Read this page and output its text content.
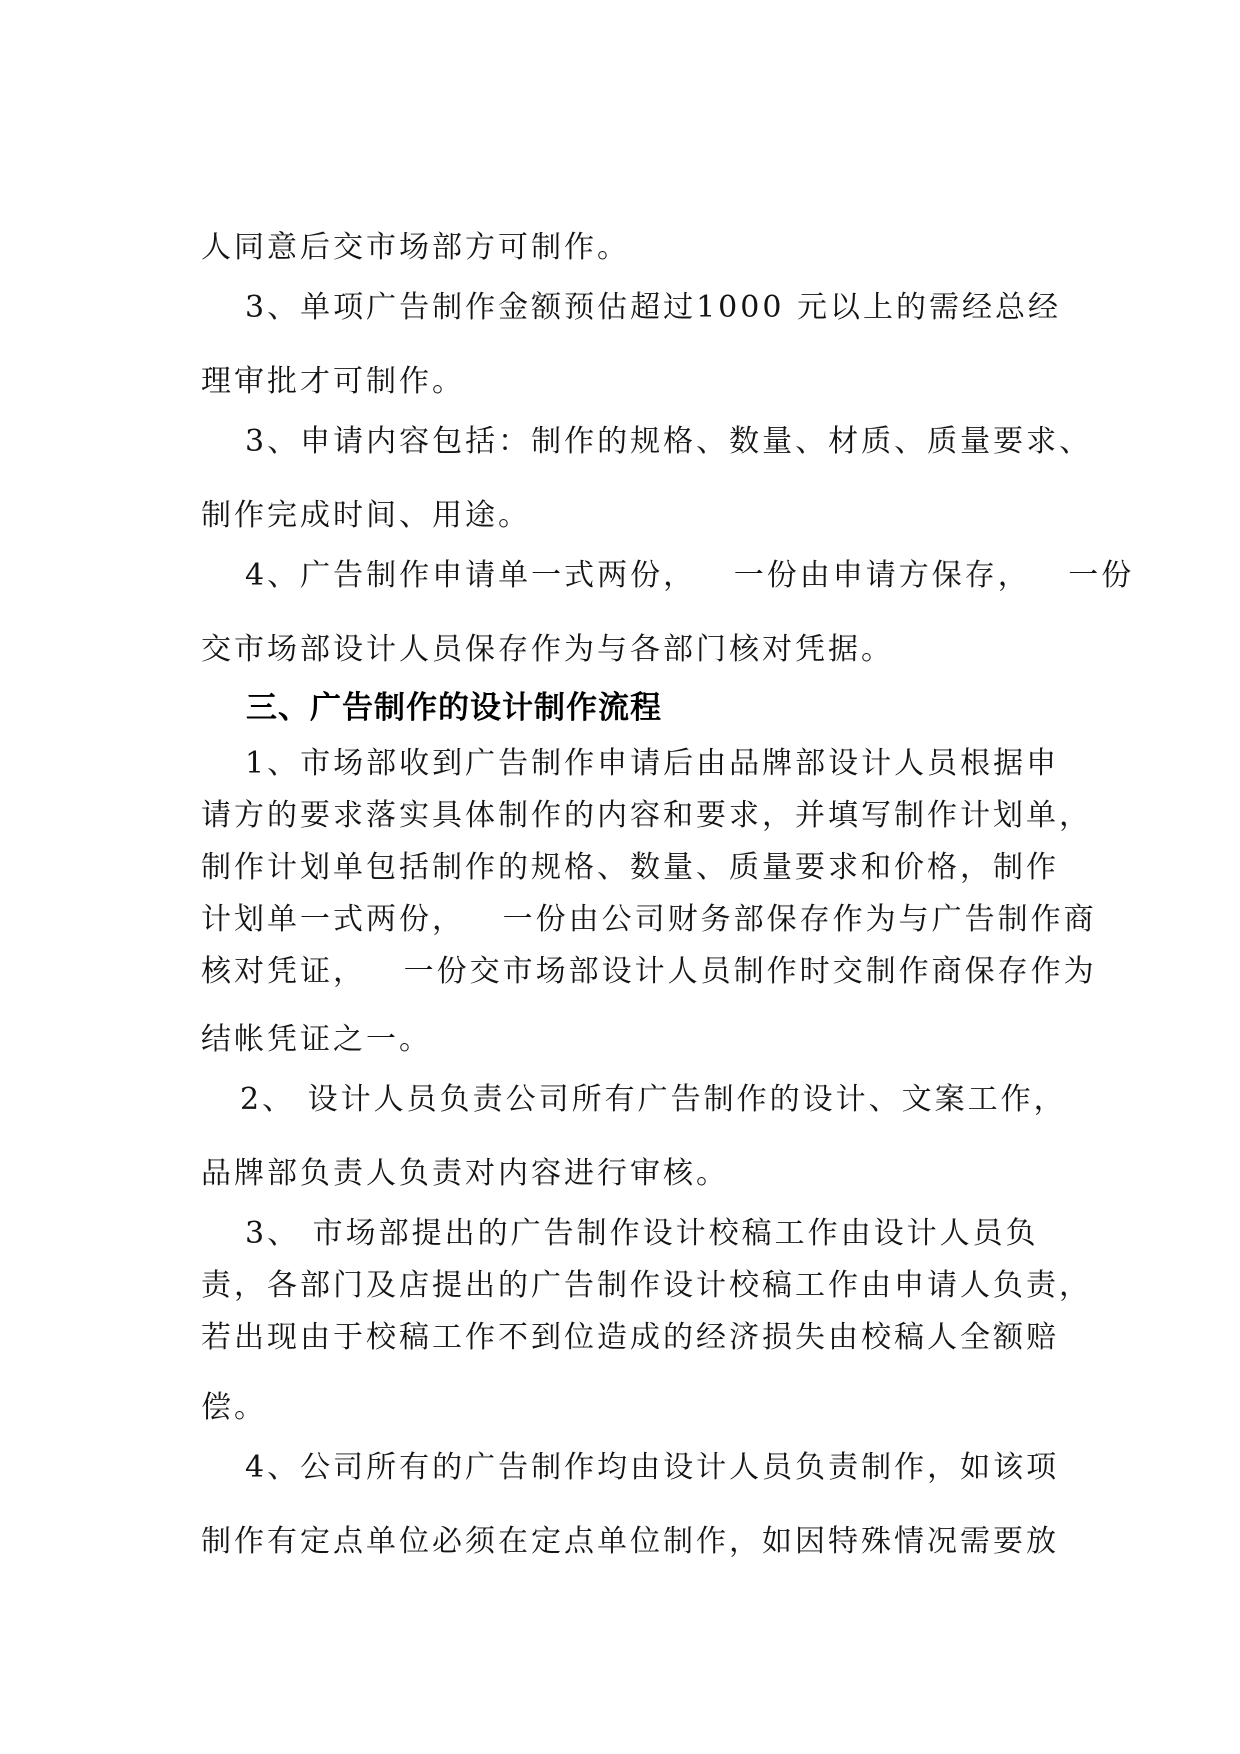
人同意后交市场部方可制作。
3、单项广告制作金额预估超过1000 元以上的需经总经
理审批才可制作。
3、申请内容包括：制作的规格、数量、材质、质量要求、
制作完成时间、用途。
4、广告制作申请单一式两份，   一份由申请方保存，   一份
交市场部设计人员保存作为与各部门核对凭据。
三、广告制作的设计制作流程
1、市场部收到广告制作申请后由品牌部设计人员根据申
请方的要求落实具体制作的内容和要求，并填写制作计划单，
制作计划单包括制作的规格、数量、质量要求和价格，制作
计划单一式两份，   一份由公司财务部保存作为与广告制作商
核对凭证，   一份交市场部设计人员制作时交制作商保存作为
结帐凭证之一。
2、 设计人员负责公司所有广告制作的设计、文案工作，
品牌部负责人负责对内容进行审核。
3、 市场部提出的广告制作设计校稿工作由设计人员负
责，各部门及店提出的广告制作设计校稿工作由申请人负责，
若出现由于校稿工作不到位造成的经济损失由校稿人全额赔
偿。
4、公司所有的广告制作均由设计人员负责制作，如该项
制作有定点单位必须在定点单位制作，如因特殊情况需要放
